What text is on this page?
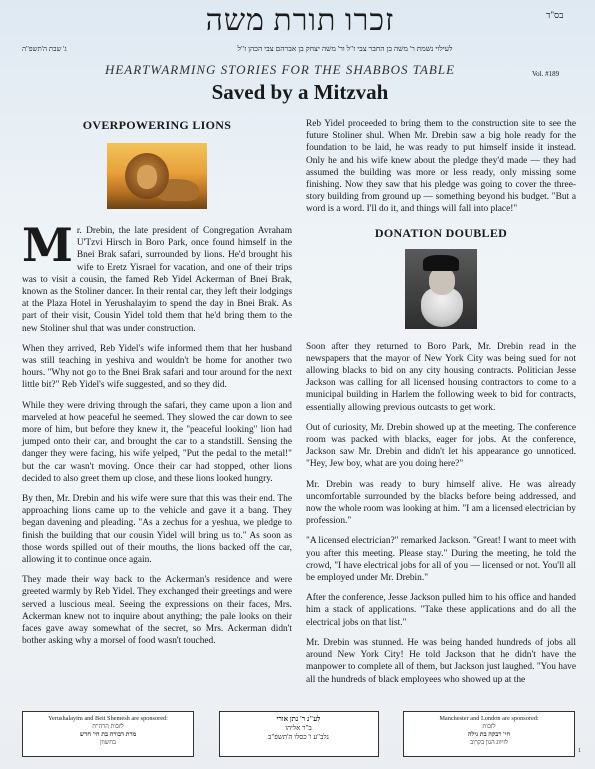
בס"ד
זכרו תורת משה
לעילוי נשמת ר' משה בן החבר צבי ז"ל ור' משה יצחק בן אברהם צבי הכהן ז"ל
ג' שבת ה'תשפ"ה
HEARTWARMING STORIES FOR THE SHABBOS TABLE	Vol. #189
Saved by a Mitzvah
OVERPOWERING LIONS
Mr. Drebin, the late president of Congregation Avraham U'Tzvi Hirsch in Boro Park, once found himself in the Bnei Brak safari, surrounded by lions. He'd brought his wife to Eretz Yisrael for vacation, and one of their trips was to visit a cousin, the famed Reb Yidel Ackerman of Bnei Brak, known as the Stoliner dancer. In their rental car, they left their lodgings at the Plaza Hotel in Yerushalayim to spend the day in Bnei Brak. As part of their visit, Cousin Yidel told them that he'd bring them to the new Stoliner shul that was under construction.

When they arrived, Reb Yidel's wife informed them that her husband was still teaching in yeshiva and wouldn't be home for another two hours. "Why not go to the Bnei Brak safari and tour around for the next little bit?" Reb Yidel's wife suggested, and so they did.

While they were driving through the safari, they came upon a lion and marveled at how peaceful he seemed. They slowed the car down to see more of him, but before they knew it, the "peaceful looking" lion had jumped onto their car, and brought the car to a standstill. Sensing the danger they were facing, his wife yelped, "Put the pedal to the metal!" but the car wasn't moving. Once their car had stopped, other lions decided to also greet them up close, and these lions looked hungry.

By then, Mr. Drebin and his wife were sure that this was their end. The approaching lions came up to the vehicle and gave it a bang. They began davening and pleading. "As a zechus for a yeshua, we pledge to finish the building that our cousin Yidel will bring us to." As soon as those words spilled out of their mouths, the lions backed off the car, allowing it to continue once again.

They made their way back to the Ackerman's residence and were greeted warmly by Reb Yidel. They exchanged their greetings and were served a luscious meal. Seeing the expressions on their faces, Mrs. Ackerman knew not to inquire about anything; the pale looks on their faces gave away somewhat of the secret, so Mrs. Ackerman didn't bother asking why a morsel of food wasn't touched.

Reb Yidel proceeded to bring them to the construction site to see the future Stoliner shul. When Mr. Drebin saw a big hole ready for the foundation to be laid, he was ready to put himself inside it instead. Only he and his wife knew about the pledge they'd made — they had assumed the building was more or less ready, only missing some finishing. Now they saw that his pledge was going to cover the three-story building from ground up — something beyond his budget. "But a word is a word. I'll do it, and things will fall into place!"

DONATION DOUBLED

Soon after they returned to Boro Park, Mr. Drebin read in the newspapers that the mayor of New York City was being sued for not allowing blacks to bid on any city housing contracts. Politician Jesse Jackson was calling for all licensed housing contractors to come to a municipal building in Harlem the following week to bid for contracts, essentially allowing previous outcasts to get work.

Out of curiosity, Mr. Drebin showed up at the meeting. The conference room was packed with blacks, eager for jobs. At the conference, Jackson saw Mr. Drebin and didn't let his appearance go unnoticed. "Hey, Jew boy, what are you doing here?"

Mr. Drebin was ready to bury himself alive. He was already uncomfortable surrounded by the blacks before being addressed, and now the whole room was looking at him. "I am a licensed electrician by profession."

"A licensed electrician?" remarked Jackson. "Great! I want to meet with you after this meeting. Please stay." During the meeting, he told the crowd, "I have electrical jobs for all of you — licensed or not. You'll all be employed under Mr. Drebin."

After the conference, Jesse Jackson pulled him to his office and handed him a stack of applications. "Take these applications and do all the electrical jobs on that list."

Mr. Drebin was stunned. He was being handed hundreds of jobs all around New York City! He told Jackson that he didn't have the manpower to complete all of them, but Jackson just laughed. "You have all the hundreds of black employees who showed up at the

Yerushalayim and Beit Shemesh are sponsored:
לזכות הרה"ח
מרת דבורה בת חי' חדש
בחשוון
לע"נ ר' נתן אורי
ב"ר אליהו
נלב"ע ו' כסלו ה'תשפ"ב
Manchester and London are sponsored:
לזכות
חי' רבקה בת גילה
לזיווג הגון בקרוב
1
